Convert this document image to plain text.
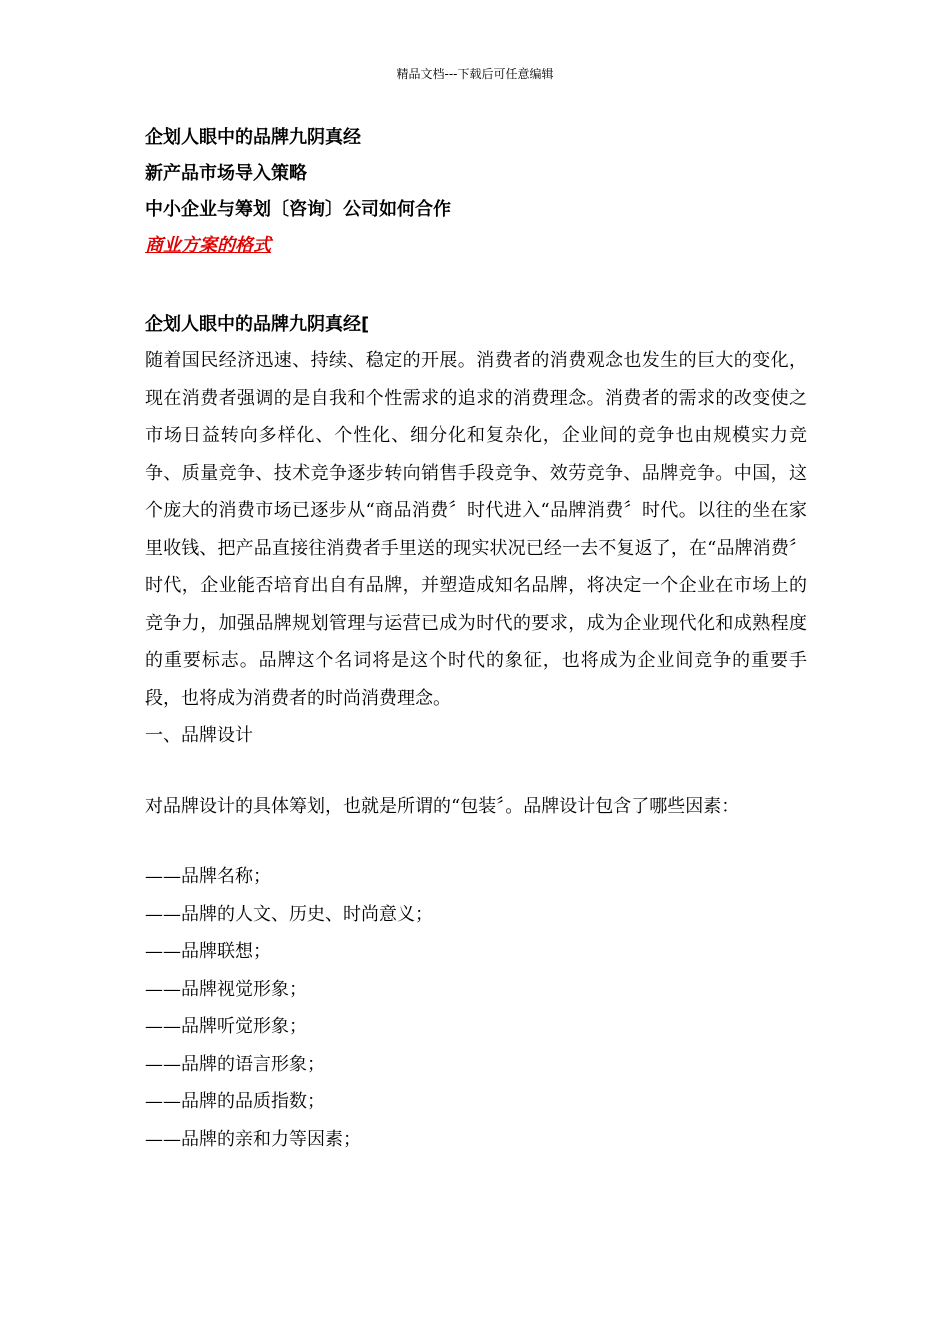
精品文档---下载后可任意编辑
企划人眼中的品牌九阴真经
新产品市场导入策略
中小企业与筹划〔咨询〕公司如何合作
商业方案的格式
企划人眼中的品牌九阴真经[

随着国民经济迅速、持续、稳定的开展。消费者的消费观念也发生的巨大的变化，现在消费者强调的是自我和个性需求的追求的消费理念。消费者的需求的改变使之市场日益转向多样化、个性化、细分化和复杂化，企业间的竞争也由规模实力竞争、质量竞争、技术竞争逐步转向销售手段竞争、效劳竞争、品牌竞争。中国，这个庞大的消费市场已逐步从“商品消费〞时代进入“品牌消费〞时代。以往的坐在家里收钱、把产品直接往消费者手里送的现实状况已经一去不复返了，在“品牌消费〞时代，企业能否培育出自有品牌，并塑造成知名品牌，将决定一个企业在市场上的竞争力，加强品牌规划管理与运营已成为时代的要求，成为企业现代化和成熟程度的重要标志。品牌这个名词将是这个时代的象征，也将成为企业间竞争的重要手段，也将成为消费者的时尚消费理念。

一、品牌设计
对品牌设计的具体筹划，也就是所谓的“包装〞。品牌设计包含了哪些因素：
——品牌名称；
——品牌的人文、历史、时尚意义；
——品牌联想；
——品牌视觉形象；
——品牌听觉形象；
——品牌的语言形象；
——品牌的品质指数；
——品牌的亲和力等因素；
